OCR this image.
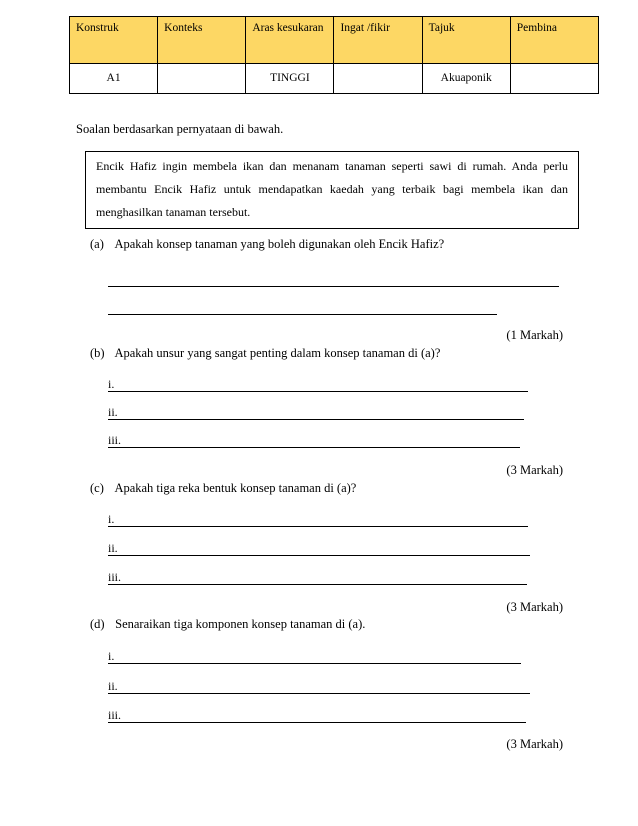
Konstruk	Konteks	Aras kesukaran	Ingat /fikir	Tajuk	Pembina
A1		TINGGI		Akuaponik	
Soalan berdasarkan pernyataan di bawah.
Encik Hafiz ingin membela ikan dan menanam tanaman seperti sawi di rumah. Anda perlu membantu Encik Hafiz untuk mendapatkan kaedah yang terbaik bagi membela ikan dan menghasilkan tanaman tersebut.
(a) Apakah konsep tanaman yang boleh digunakan oleh Encik Hafiz?
(1 Markah)
(b) Apakah unsur yang sangat penting dalam konsep tanaman di (a)?
i.
ii.
iii.
(3 Markah)
(c) Apakah tiga reka bentuk konsep tanaman di (a)?
i.
ii.
iii.
(3 Markah)
(d) Senaraikan tiga komponen konsep tanaman di (a).
i.
ii.
iii.
(3 Markah)
